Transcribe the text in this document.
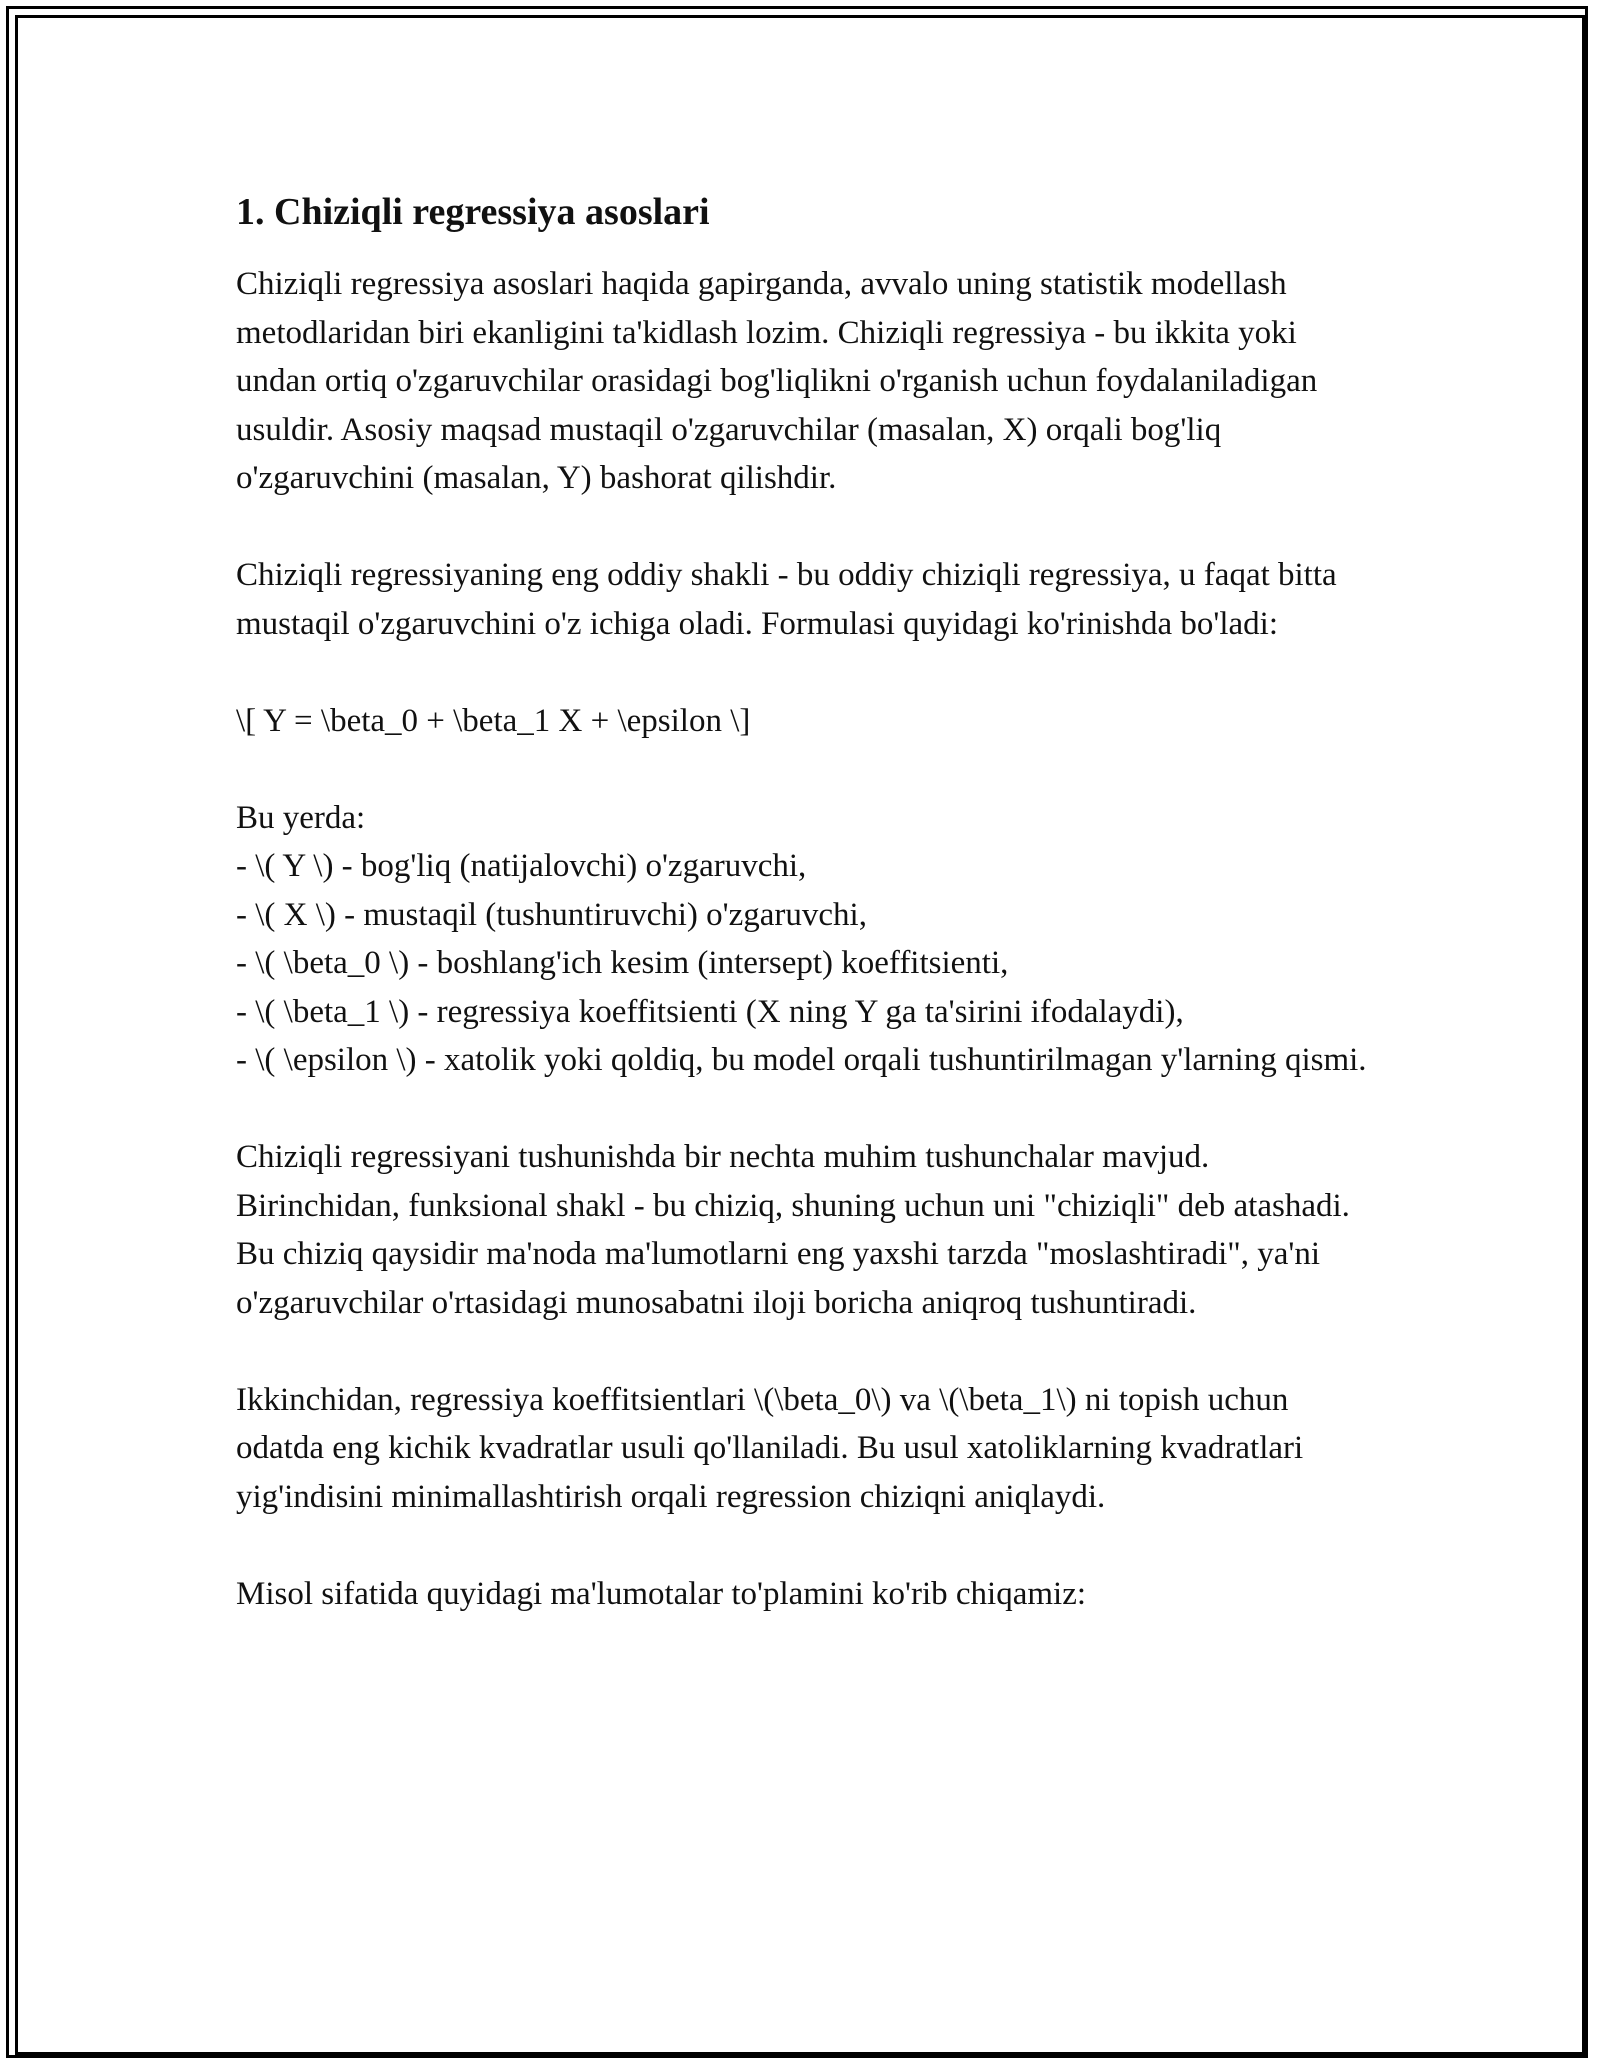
1. Chiziqli regressiya asoslari

Chiziqli regressiya asoslari haqida gapirganda, avvalo uning statistik modellash metodlaridan biri ekanligini ta'kidlash lozim. Chiziqli regressiya - bu ikkita yoki undan ortiq o'zgaruvchilar orasidagi bog'liqlikni o'rganish uchun foydalaniladigan usuldir. Asosiy maqsad mustaqil o'zgaruvchilar (masalan, X) orqali bog'liq o'zgaruvchini (masalan, Y) bashorat qilishdir.

Chiziqli regressiyaning eng oddiy shakli - bu oddiy chiziqli regressiya, u faqat bitta mustaqil o'zgaruvchini o'z ichiga oladi. Formulasi quyidagi ko'rinishda bo'ladi:

\[ Y = \beta_0 + \beta_1 X + \epsilon \]

Bu yerda:
- \( Y \) - bog'liq (natijalovchi) o'zgaruvchi,
- \( X \) - mustaqil (tushuntiruvchi) o'zgaruvchi,
- \( \beta_0 \) - boshlang'ich kesim (intersept) koeffitsienti,
- \( \beta_1 \) - regressiya koeffitsienti (X ning Y ga ta'sirini ifodalaydi),
- \( \epsilon \) - xatolik yoki qoldiq, bu model orqali tushuntirilmagan y'larning qismi.

Chiziqli regressiyani tushunishda bir nechta muhim tushunchalar mavjud. Birinchidan, funksional shakl - bu chiziq, shuning uchun uni "chiziqli" deb atashadi. Bu chiziq qaysidir ma'noda ma'lumotlarni eng yaxshi tarzda "moslashtiradi", ya'ni o'zgaruvchilar o'rtasidagi munosabatni iloji boricha aniqroq tushuntiradi.

Ikkinchidan, regressiya koeffitsientlari \(\beta_0\) va \(\beta_1\) ni topish uchun odatda eng kichik kvadratlar usuli qo'llaniladi. Bu usul xatoliklarning kvadratlari yig'indisini minimallashtirish orqali regression chiziqni aniqlaydi.

Misol sifatida quyidagi ma'lumotalar to'plamini ko'rib chiqamiz:
